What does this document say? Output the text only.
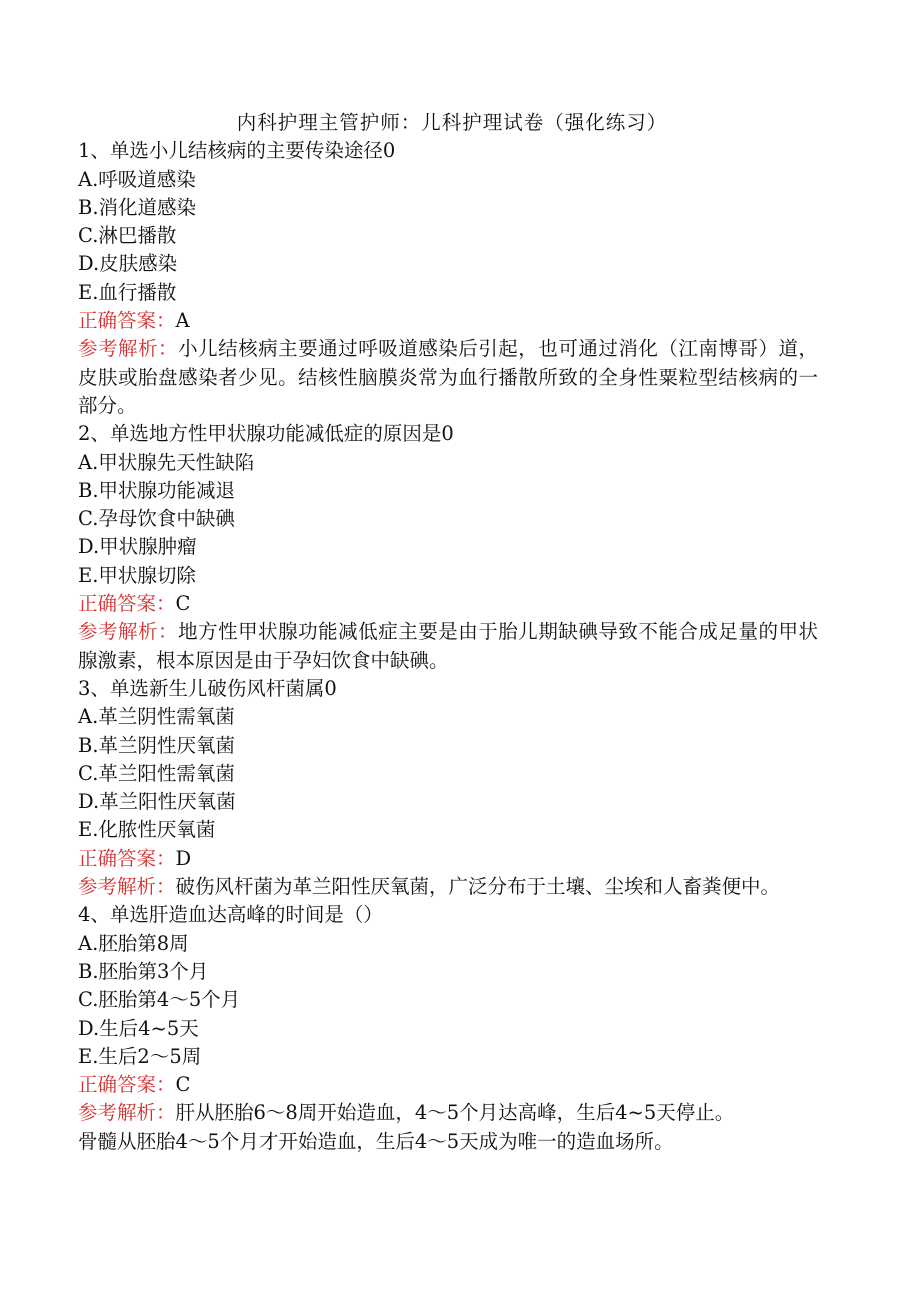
内科护理主管护师：儿科护理试卷（强化练习）

1、单选小儿结核病的主要传染途径0

A.呼吸道感染

B.消化道感染

C.淋巴播散

D.皮肤感染

E.血行播散

正确答案：A

参考解析：小儿结核病主要通过呼吸道感染后引起，也可通过消化（江南博哥）道，皮肤或胎盘感染者少见。结核性脑膜炎常为血行播散所致的全身性粟粒型结核病的一部分。

2、单选地方性甲状腺功能减低症的原因是0

A.甲状腺先天性缺陷

B.甲状腺功能减退

C.孕母饮食中缺碘

D.甲状腺肿瘤

E.甲状腺切除

正确答案：C

参考解析：地方性甲状腺功能减低症主要是由于胎儿期缺碘导致不能合成足量的甲状腺激素，根本原因是由于孕妇饮食中缺碘。

3、单选新生儿破伤风杆菌属0

A.革兰阴性需氧菌

B.革兰阴性厌氧菌

C.革兰阳性需氧菌

D.革兰阳性厌氧菌

E.化脓性厌氧菌

正确答案：D

参考解析：破伤风杆菌为革兰阳性厌氧菌，广泛分布于土壤、尘埃和人畜粪便中。

4、单选肝造血达高峰的时间是（）

A.胚胎第8周

B.胚胎第3个月

C.胚胎第4～5个月

D.生后4~5天

E.生后2～5周

正确答案：C

参考解析：肝从胚胎6～8周开始造血，4～5个月达高峰，生后4~5天停止。

骨髓从胚胎4～5个月才开始造血，生后4～5天成为唯一的造血场所。
